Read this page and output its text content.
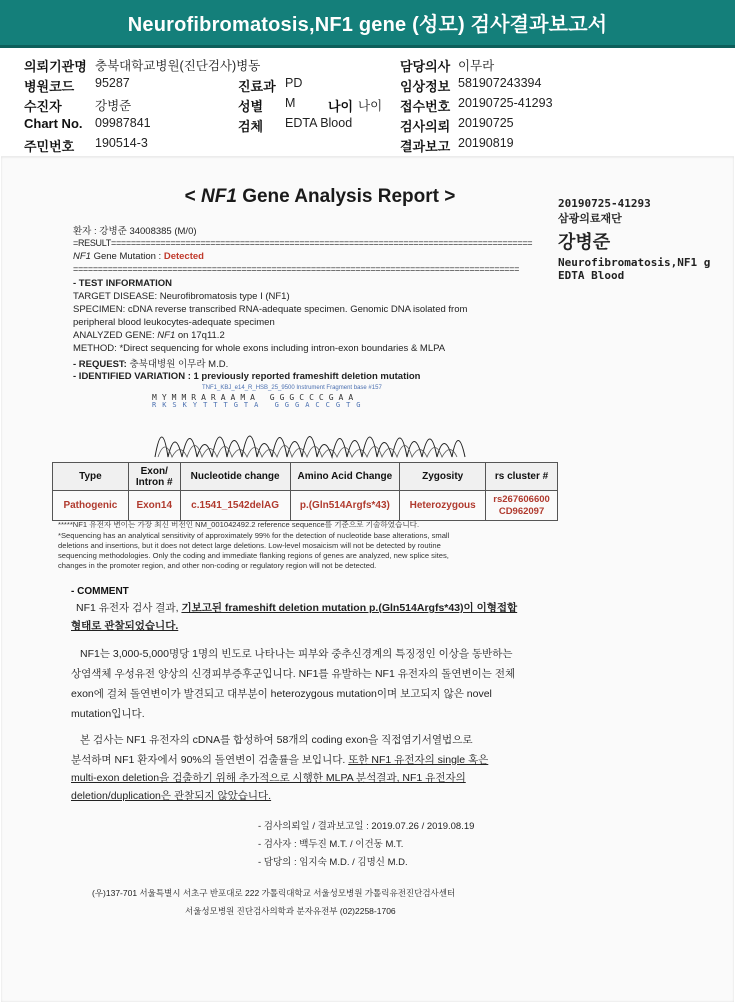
Neurofibromatosis,NF1 gene (성모) 검사결과보고서
의뢰기관명 충북대학교병원(진단검사)병동	담당의사 이무라
병원코드 95287	진료과 PD	임상정보 581907243394
수진자	강병준	성별 M	나이 나이 접수번호 20190725-41293
Chart No. 09987841	검체 EDTA Blood	검사의뢰 20190725
주민번호 190514-3	결과보고 20190819
< NF1 Gene Analysis Report >	20190725-41293
삼광의료재단
강병준
Neurofibromatosis,NF1 g
EDTA Blood
환자 : 강병준 34008385 (M/0)
=RESULT=====================================================================================
NF1 Gene Mutation : Detected
==========================================================================================
- TEST INFORMATION
TARGET DISEASE: Neurofibromatosis type I (NF1)
SPECIMEN: cDNA reverse transcribed RNA-adequate specimen. Genomic DNA isolated from
peripheral blood leukocytes-adequate specimen
ANALYZED GENE: NF1 on 17q11.2
METHOD: *Direct sequencing for whole exons including intron-exon boundaries & MLPA
- REQUEST: 충북대병원 이무라 M.D.
- IDENTIFIED VARIATION : 1 previously reported frameshift deletion mutation
TNF1_KBJ_e14_R_HSB_25_9500 Instrument Fragment base #157
MYMMRARAAMA GGGCCCGAA
RKSKYTTTGTA GGGACCGTG
Type	Exon/ Intron #	Nucleotide change	Amino Acid Change	Zygosity	rs cluster #
Pathogenic	Exon14	c.1541_1542delAG	p.(Gln514Argfs*43)	Heterozygous	rs267606600 CD962097
*****NF1 유전자 변이는 가장 최신 버전인 NM_001042492.2 reference sequence를 기준으로 기술하였습니다.
*Sequencing has an analytical sensitivity of approximately 99% for the detection of nucleotide base alterations, small
deletions and insertions, but it does not detect large deletions. Low-level mosaicism will not be detected by routine
sequencing methodologies. Only the coding and immediate flanking regions of genes are analyzed, new splice sites,
changes in the promoter region, and other non-coding or regulatory region will not be detected.
- COMMENT
NF1 유전자 검사 결과, 기보고된 frameshift deletion mutation p.(Gln514Argfs*43)이 이형접합
형태로 관찰되었습니다.
NF1는 3,000-5,000명당 1명의 빈도로 나타나는 피부와 중추신경계의 특징정인 이상을 동반하는
상염색체 우성유전 양상의 신경피부증후군입니다. NF1를 유발하는 NF1 유전자의 돌연변이는 전체
exon에 걸쳐 돌연변이가 발견되고 대부분이 heterozygous mutation이며 보고되지 않은 novel
mutation입니다.
본 검사는 NF1 유전자의 cDNA를 합성하여 58개의 coding exon을 직접염기서열법으로
분석하며 NF1 환자에서 90%의 돌연변이 검출률을 보입니다. 또한 NF1 유전자의 single 혹은
multi-exon deletion을 검출하기 위해 추가적으로 시행한 MLPA 분석결과, NF1 유전자의
deletion/duplication은 관찰되지 않았습니다.
- 검사의뢰일 / 결과보고일 : 2019.07.26 / 2019.08.19
- 검사자 : 백두진 M.T. / 이건동 M.T.
- 담당의 : 임지숙 M.D. / 김명신 M.D.
(우)137-701 서울특별시 서초구 반포대로 222 가톨릭대학교 서울성모병원 가톨릭유전진단검사센터
서울성모병원 진단검사의학과 분자유전부 (02)2258-1706
